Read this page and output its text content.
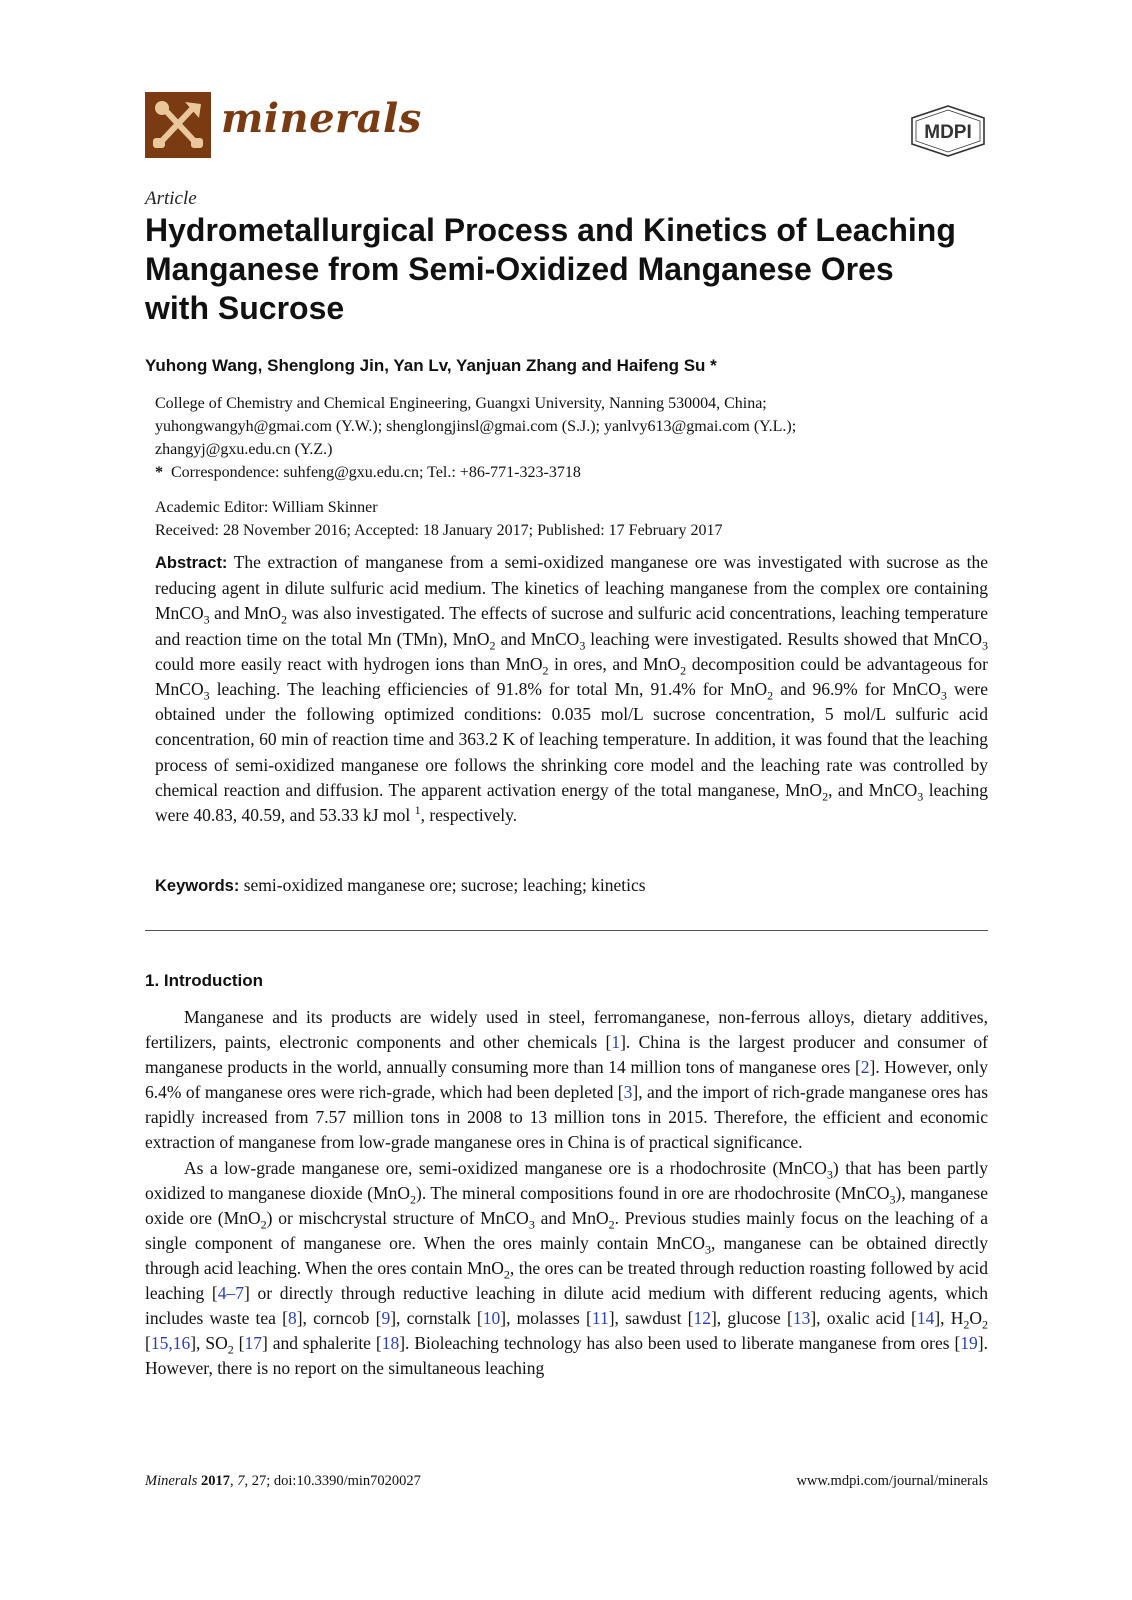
minerals	MDPI
Article
Hydrometallurgical Process and Kinetics of Leaching
Manganese from Semi-Oxidized Manganese Ores
with Sucrose
Yuhong Wang, Shenglong Jin, Yan Lv, Yanjuan Zhang and Haifeng Su *
College of Chemistry and Chemical Engineering, Guangxi University, Nanning 530004, China;
yuhongwangyh@gmai.com (Y.W.); shenglongjinsl@gmai.com (S.J.); yanlvy613@gmai.com (Y.L.);
zhangyj@gxu.edu.cn (Y.Z.)
* Correspondence: suhfeng@gxu.edu.cn; Tel.: +86-771-323-3718
Academic Editor: William Skinner
Received: 28 November 2016; Accepted: 18 January 2017; Published: 17 February 2017
Abstract: The extraction of manganese from a semi-oxidized manganese ore was investigated with sucrose as the reducing agent in dilute sulfuric acid medium. The kinetics of leaching manganese from the complex ore containing MnCO$_3$ and MnO$_2$ was also investigated. The effects of sucrose and sulfuric acid concentrations, leaching temperature and reaction time on the total Mn (TMn), MnO$_2$ and MnCO$_3$ leaching were investigated. Results showed that MnCO$_3$ could more easily react with hydrogen ions than MnO$_2$ in ores, and MnO$_2$ decomposition could be advantageous for MnCO$_3$ leaching. The leaching efficiencies of 91.8% for total Mn, 91.4% for MnO$_2$ and 96.9% for MnCO$_3$ were obtained under the following optimized conditions: 0.035 mol/L sucrose concentration, 5 mol/L sulfuric acid concentration, 60 min of reaction time and 363.2 K of leaching temperature. In addition, it was found that the leaching process of semi-oxidized manganese ore follows the shrinking core model and the leaching rate was controlled by chemical reaction and diffusion. The apparent activation energy of the total manganese, MnO$_2$, and MnCO$_3$ leaching were 40.83, 40.59, and 53.33 kJ mol $^1$, respectively.
Keywords: semi-oxidized manganese ore; sucrose; leaching; kinetics
1. Introduction

Manganese and its products are widely used in steel, ferromanganese, non-ferrous alloys, dietary additives, fertilizers, paints, electronic components and other chemicals [1]. China is the largest producer and consumer of manganese products in the world, annually consuming more than 14 million tons of manganese ores [2]. However, only 6.4% of manganese ores were rich-grade, which had been depleted [3], and the import of rich-grade manganese ores has rapidly increased from 7.57 million tons in 2008 to 13 million tons in 2015. Therefore, the efficient and economic extraction of manganese from low-grade manganese ores in China is of practical significance.

As a low-grade manganese ore, semi-oxidized manganese ore is a rhodochrosite (MnCO$_3$) that has been partly oxidized to manganese dioxide (MnO$_2$). The mineral compositions found in ore are rhodochrosite (MnCO$_3$), manganese oxide ore (MnO$_2$) or mischcrystal structure of MnCO$_3$ and MnO$_2$. Previous studies mainly focus on the leaching of a single component of manganese ore. When the ores mainly contain MnCO$_3$, manganese can be obtained directly through acid leaching. When the ores contain MnO$_2$, the ores can be treated through reduction roasting followed by acid leaching [4–7] or directly through reductive leaching in dilute acid medium with different reducing agents, which includes waste tea [8], corncob [9], cornstalk [10], molasses [11], sawdust [12], glucose [13], oxalic acid [14], $H_2O_2$ [15,16], $SO_2$ [17] and sphalerite [18]. Bioleaching technology has also been used to liberate manganese from ores [19]. However, there is no report on the simultaneous leaching

Minerals 2017, 7, 27; doi:10.3390/min7020027	www.mdpi.com/journal/minerals
